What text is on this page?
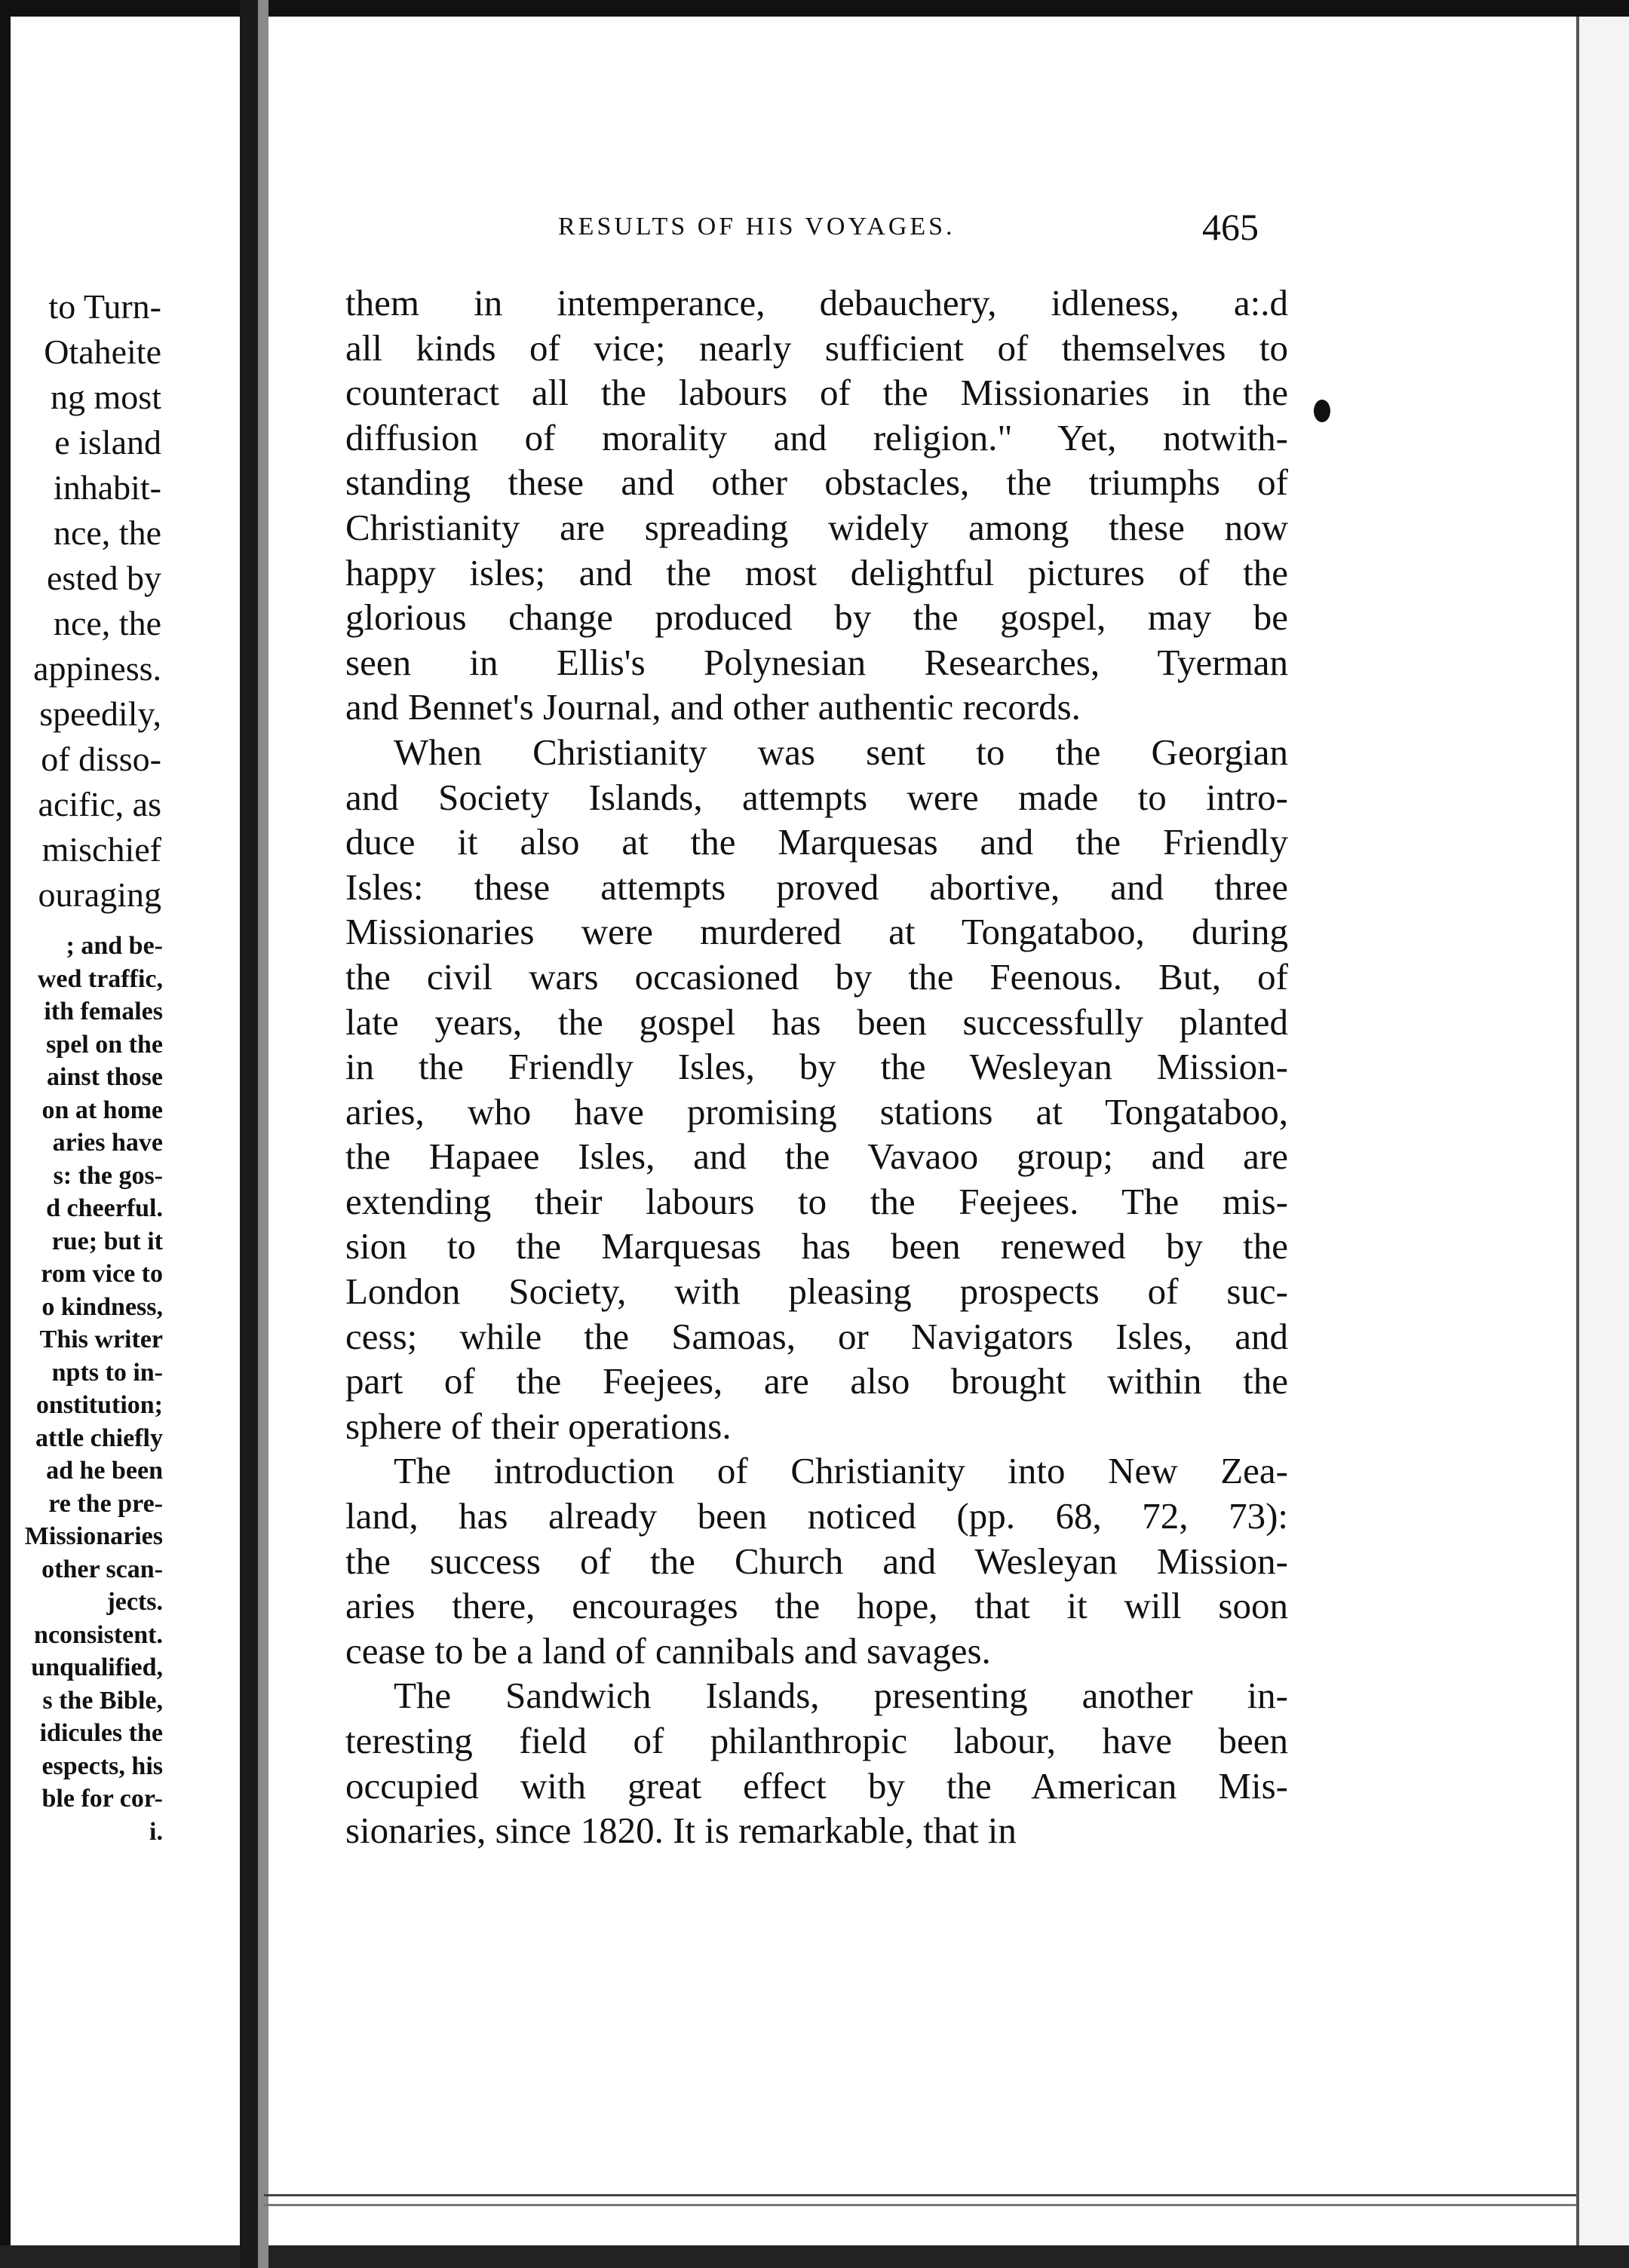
to Turn-
Otaheite
ng most
e island
inhabit-
nce, the
ested by
nce, the
appiness.
speedily,
of disso-
acific, as
mischief
ouraging
; and be-
wed traffic,
ith females
spel on the
ainst those
on at home
aries have
s: the gos-
d cheerful.
rue; but it
rom vice to
o kindness,
This writer
npts to in-
onstitution;
attle chiefly
ad he been
re the pre-
Missionaries
other scan-
jects.
nconsistent.
unqualified,
s the Bible,
idicules the
espects, his
ble for cor-
i.
RESULTS OF HIS VOYAGES.	465
them in intemperance, debauchery, idleness, a:.d
all kinds of vice; nearly sufficient of themselves to
counteract all the labours of the Missionaries in the
diffusion of morality and religion." Yet, notwith-
standing these and other obstacles, the triumphs of
Christianity are spreading widely among these now
happy isles; and the most delightful pictures of the
glorious change produced by the gospel, may be
seen in Ellis's Polynesian Researches, Tyerman
and Bennet's Journal, and other authentic records.
When Christianity was sent to the Georgian
and Society Islands, attempts were made to intro-
duce it also at the Marquesas and the Friendly
Isles: these attempts proved abortive, and three
Missionaries were murdered at Tongataboo, during
the civil wars occasioned by the Feenous. But, of
late years, the gospel has been successfully planted
in the Friendly Isles, by the Wesleyan Mission-
aries, who have promising stations at Tongataboo,
the Hapaee Isles, and the Vavaoo group; and are
extending their labours to the Feejees. The mis-
sion to the Marquesas has been renewed by the
London Society, with pleasing prospects of suc-
cess; while the Samoas, or Navigators Isles, and
part of the Feejees, are also brought within the
sphere of their operations.
The introduction of Christianity into New Zea-
land, has already been noticed (pp. 68, 72, 73):
the success of the Church and Wesleyan Mission-
aries there, encourages the hope, that it will soon
cease to be a land of cannibals and savages.
The Sandwich Islands, presenting another in-
teresting field of philanthropic labour, have been
occupied with great effect by the American Mis-
sionaries, since 1820. It is remarkable, that in
